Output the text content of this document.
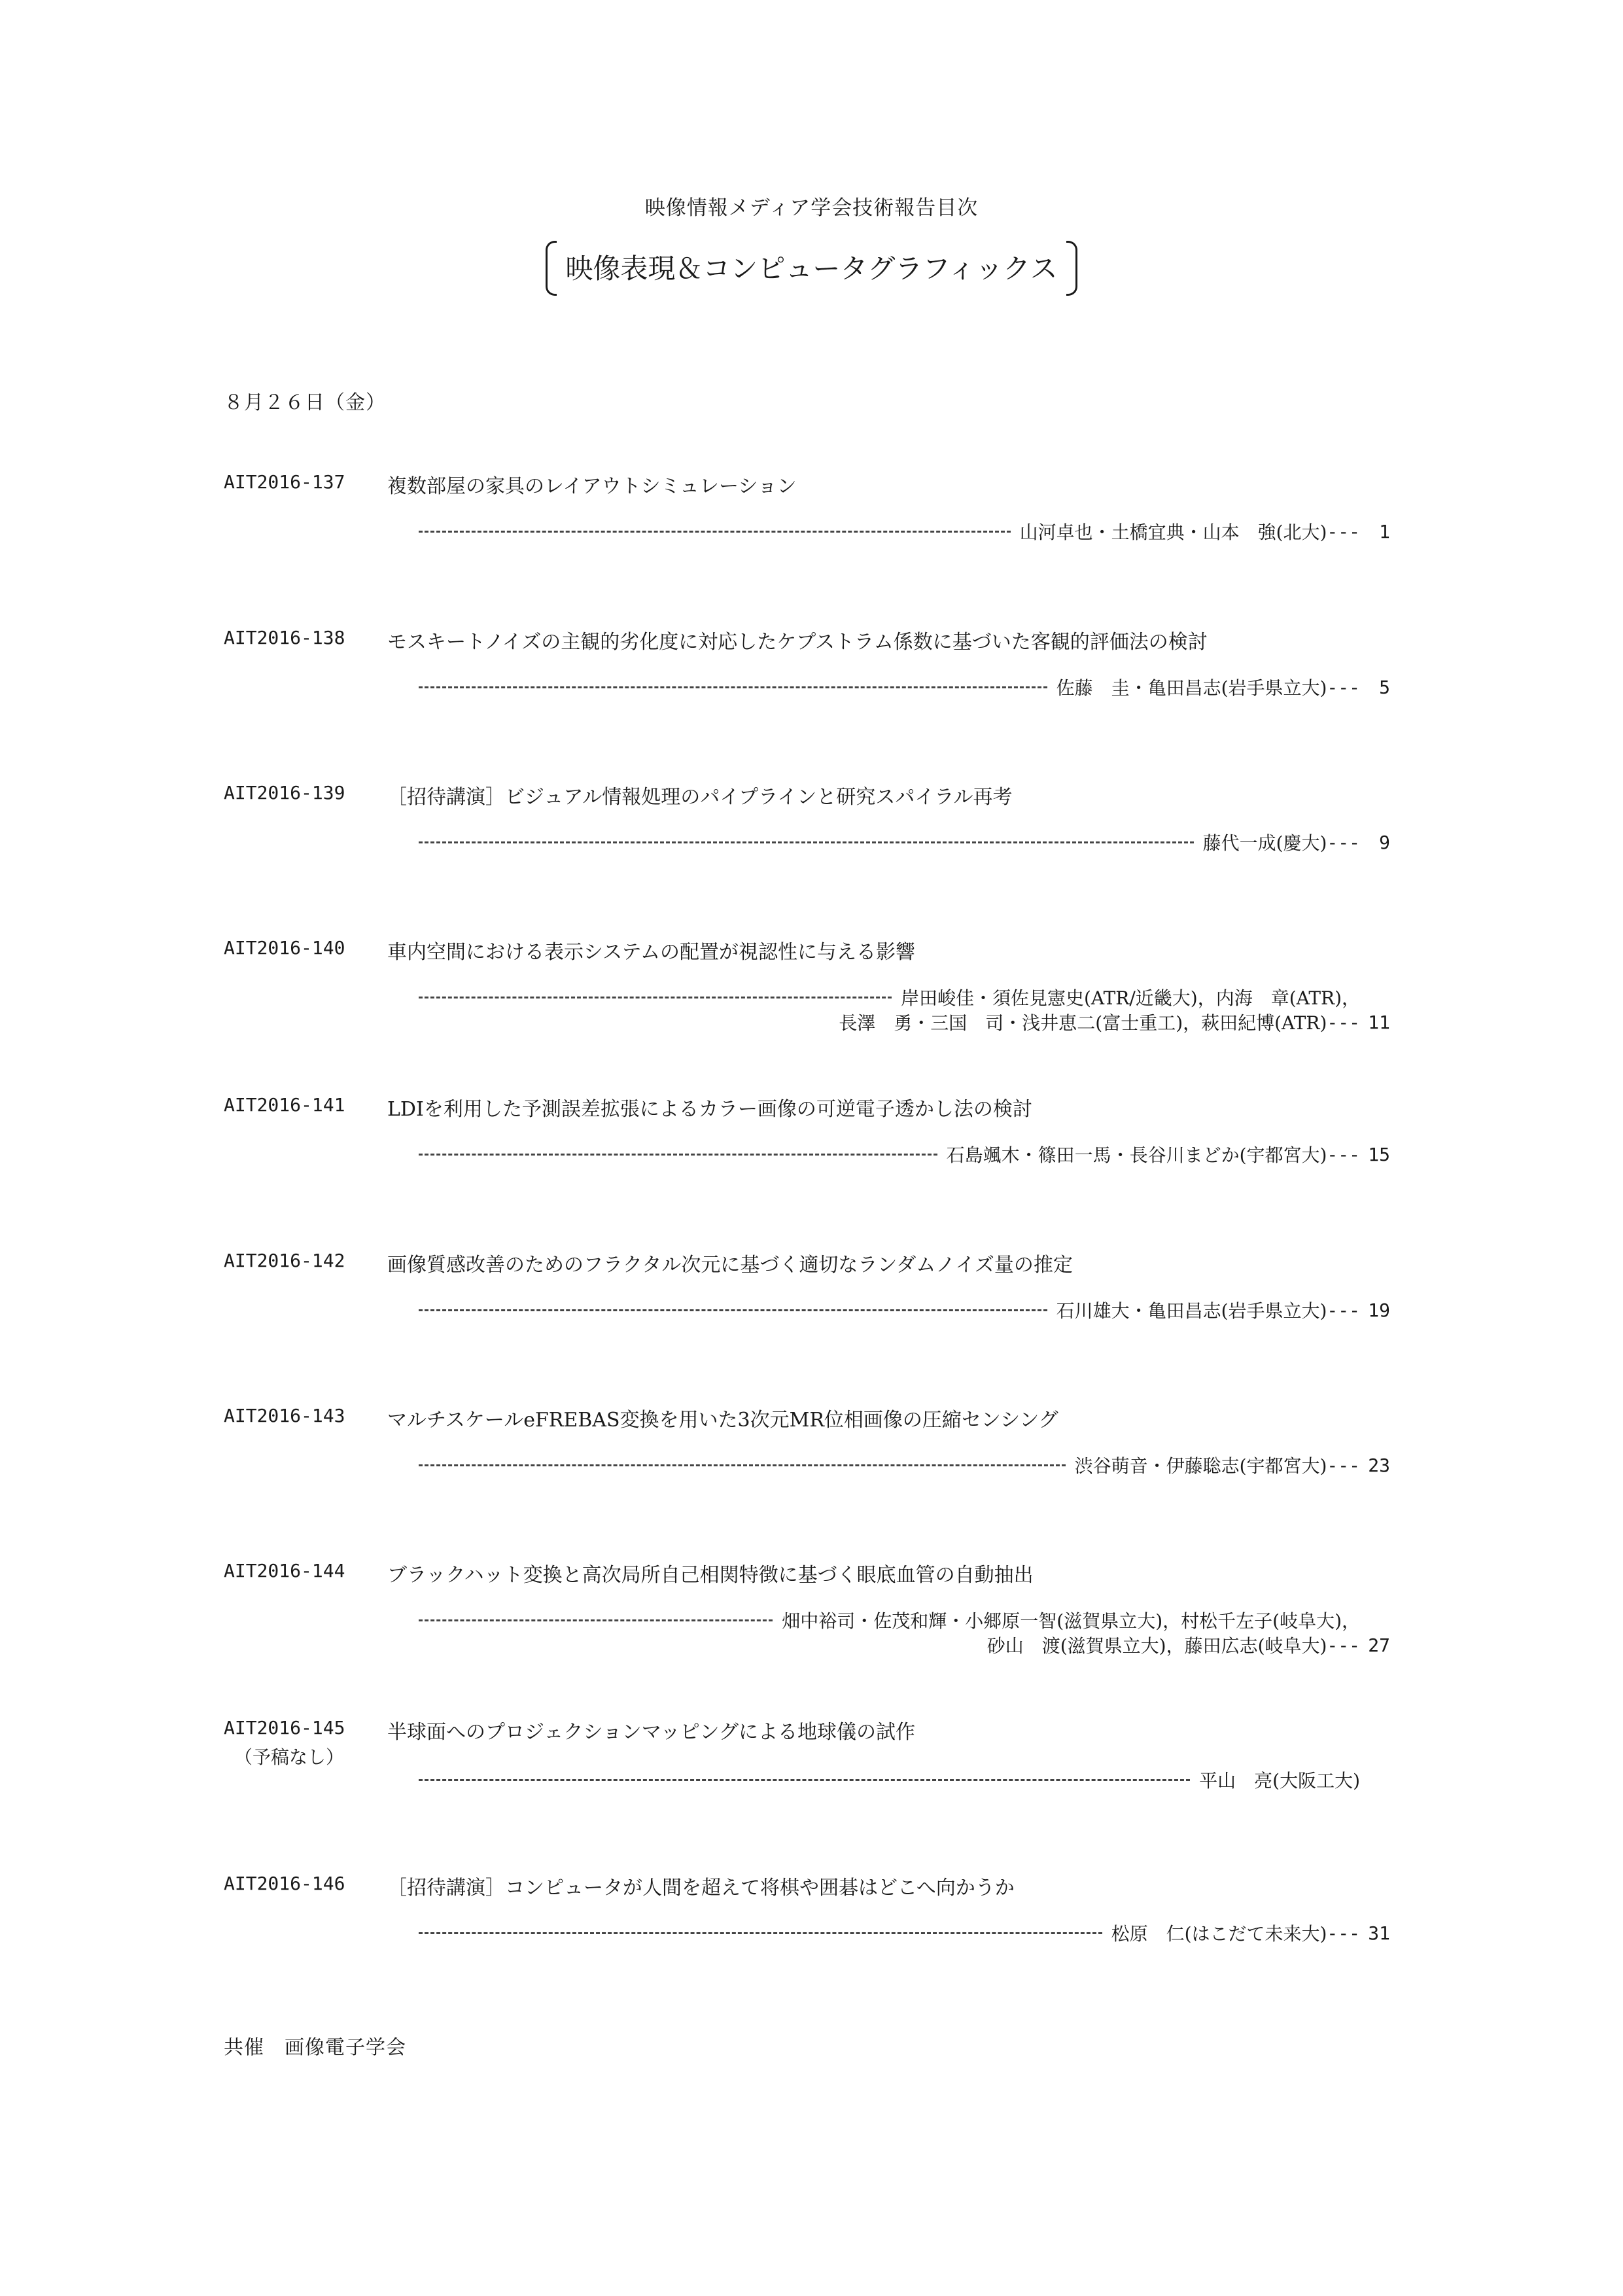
映像情報メディア学会技術報告目次
映像表現＆コンピュータグラフィックス
８月２６日（金）
AIT2016-137 複数部屋の家具のレイアウトシミュレーション
山河卓也・土橋宜典・山本　強(北大) ---	1
AIT2016-138 モスキートノイズの主観的劣化度に対応したケプストラム係数に基づいた客観的評価法の検討
佐藤　圭・亀田昌志(岩手県立大) ---	5
AIT2016-139 ［招待講演］ビジュアル情報処理のパイプラインと研究スパイラル再考
藤代一成(慶大) ---	9
AIT2016-140 車内空間における表示システムの配置が視認性に与える影響
岸田峻佳・須佐見憲史(ATR/近畿大)，内海　章(ATR)，
長澤　勇・三国　司・浅井恵二(富士重工)，萩田紀博(ATR) --- 11
AIT2016-141 LDIを利用した予測誤差拡張によるカラー画像の可逆電子透かし法の検討
石島颯木・篠田一馬・長谷川まどか(宇都宮大) --- 15
AIT2016-142 画像質感改善のためのフラクタル次元に基づく適切なランダムノイズ量の推定
石川雄大・亀田昌志(岩手県立大) --- 19
AIT2016-143 マルチスケールeFREBAS変換を用いた3次元MR位相画像の圧縮センシング
渋谷萌音・伊藤聡志(宇都宮大) --- 23
AIT2016-144 ブラックハット変換と高次局所自己相関特徴に基づく眼底血管の自動抽出
畑中裕司・佐茂和輝・小郷原一智(滋賀県立大)，村松千左子(岐阜大)，
砂山　渡(滋賀県立大)，藤田広志(岐阜大) --- 27
AIT2016-145
（予稿なし）
半球面へのプロジェクションマッピングによる地球儀の試作
平山　亮(大阪工大)
AIT2016-146 ［招待講演］コンピュータが人間を超えて将棋や囲碁はどこへ向かうか
松原　仁(はこだて未来大) --- 31
共催　画像電子学会
